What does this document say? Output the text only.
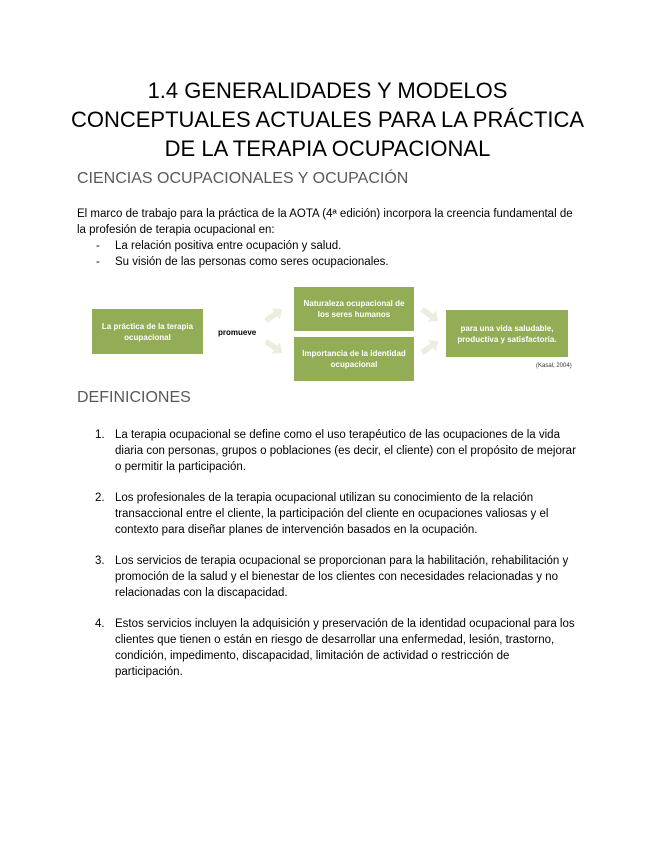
1.4 GENERALIDADES Y MODELOS CONCEPTUALES ACTUALES PARA LA PRÁCTICA DE LA TERAPIA OCUPACIONAL
CIENCIAS OCUPACIONALES Y OCUPACIÓN

El marco de trabajo para la práctica de la AOTA (4ª edición) incorpora la creencia fundamental de la profesión de terapia ocupacional en:

- La relación positiva entre ocupación y salud.
- Su visión de las personas como seres ocupacionales.
La práctica de la terapia ocupacional	promueve
Naturaleza ocupacional de los seres humanos
Importancia de la identidad ocupacional
para una vida saludable, productiva y satisfactoria.
(Kasal, 2004)
DEFINICIONES
1. La terapia ocupacional se define como el uso terapéutico de las ocupaciones de la vida diaria con personas, grupos o poblaciones (es decir, el cliente) con el propósito de mejorar o permitir la participación.
2. Los profesionales de la terapia ocupacional utilizan su conocimiento de la relación transaccional entre el cliente, la participación del cliente en ocupaciones valiosas y el contexto para diseñar planes de intervención basados en la ocupación.
3. Los servicios de terapia ocupacional se proporcionan para la habilitación, rehabilitación y promoción de la salud y el bienestar de los clientes con necesidades relacionadas y no relacionadas con la discapacidad.
4. Estos servicios incluyen la adquisición y preservación de la identidad ocupacional para los clientes que tienen o están en riesgo de desarrollar una enfermedad, lesión, trastorno, condición, impedimento, discapacidad, limitación de actividad o restricción de participación.
